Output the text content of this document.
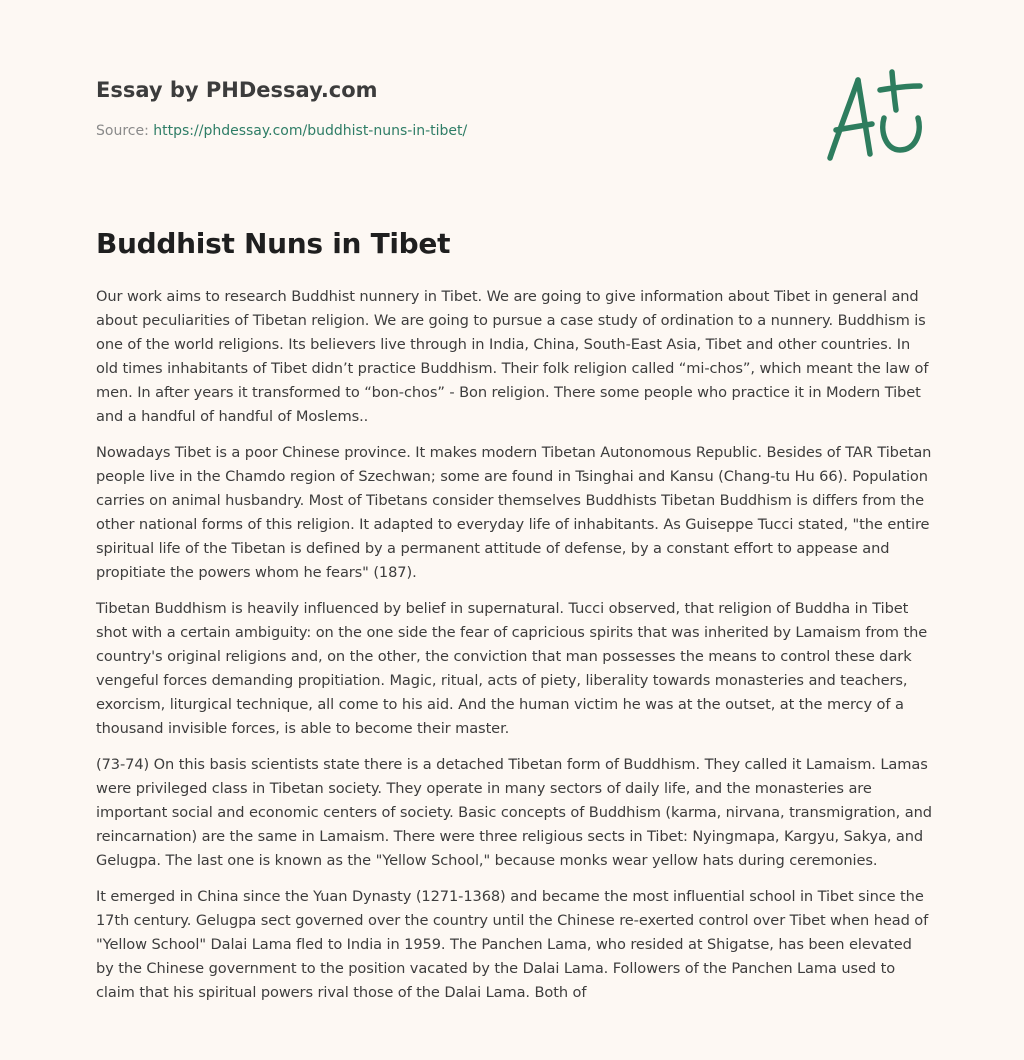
Essay by PHDessay.com
Source: https://phdessay.com/buddhist-nuns-in-tibet/
Buddhist Nuns in Tibet

Our work aims to research Buddhist nunnery in Tibet. We are going to give information about Tibet in general and about peculiarities of Tibetan religion. We are going to pursue a case study of ordination to a nunnery. Buddhism is one of the world religions. Its believers live through in India, China, South-East Asia, Tibet and other countries. In old times inhabitants of Tibet didn’t practice Buddhism. Their folk religion called “mi-chos”, which meant the law of men. In after years it transformed to “bon-chos” - Bon religion. There some people who practice it in Modern Tibet and a handful of handful of Moslems..

Nowadays Tibet is a poor Chinese province. It makes modern Tibetan Autonomous Republic. Besides of TAR Tibetan people live in the Chamdo region of Szechwan; some are found in Tsinghai and Kansu (Chang-tu Hu 66). Population carries on animal husbandry. Most of Tibetans consider themselves Buddhists Tibetan Buddhism is differs from the other national forms of this religion. It adapted to everyday life of inhabitants. As Guiseppe Tucci stated, "the entire spiritual life of the Tibetan is defined by a permanent attitude of defense, by a constant effort to appease and propitiate the powers whom he fears" (187).

Tibetan Buddhism is heavily influenced by belief in supernatural. Tucci observed, that religion of Buddha in Tibet shot with a certain ambiguity: on the one side the fear of capricious spirits that was inherited by Lamaism from the country's original religions and, on the other, the conviction that man possesses the means to control these dark vengeful forces demanding propitiation. Magic, ritual, acts of piety, liberality towards monasteries and teachers, exorcism, liturgical technique, all come to his aid. And the human victim he was at the outset, at the mercy of a thousand invisible forces, is able to become their master.

(73-74) On this basis scientists state there is a detached Tibetan form of Buddhism. They called it Lamaism. Lamas were privileged class in Tibetan society. They operate in many sectors of daily life, and the monasteries are important social and economic centers of society. Basic concepts of Buddhism (karma, nirvana, transmigration, and reincarnation) are the same in Lamaism. There were three religious sects in Tibet: Nyingmapa, Kargyu, Sakya, and Gelugpa. The last one is known as the "Yellow School," because monks wear yellow hats during ceremonies.

It emerged in China since the Yuan Dynasty (1271-1368) and became the most influential school in Tibet since the 17th century. Gelugpa sect governed over the country until the Chinese re-exerted control over Tibet when head of "Yellow School" Dalai Lama fled to India in 1959. The Panchen Lama, who resided at Shigatse, has been elevated by the Chinese government to the position vacated by the Dalai Lama. Followers of the Panchen Lama used to claim that his spiritual powers rival those of the Dalai Lama. Both of
